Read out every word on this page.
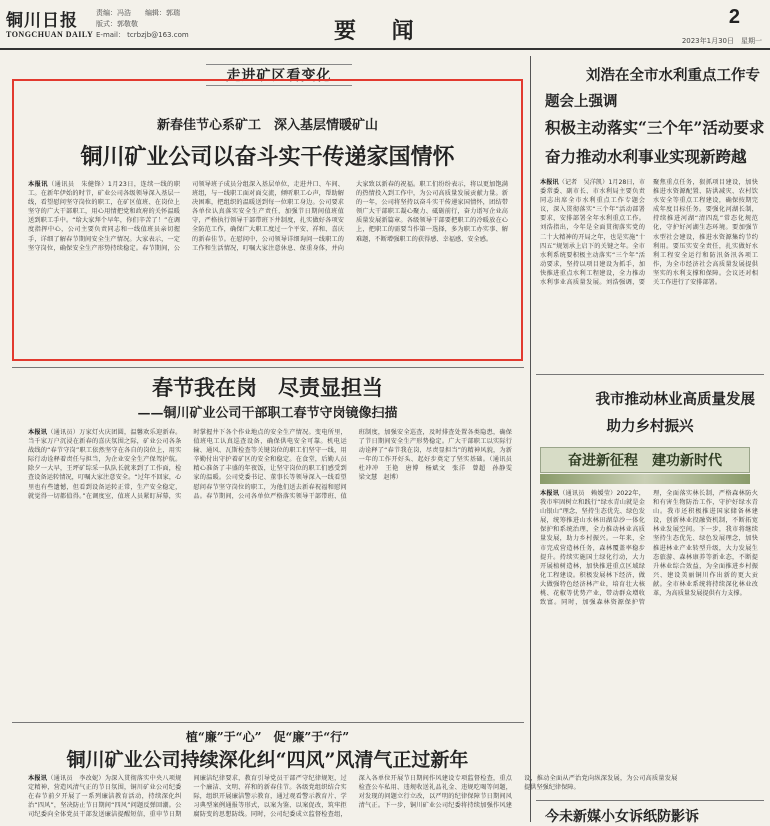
铜川日报
TONGCHUAN DAILY
责编：冯浩　　编辑：郭瑞
版式：郭敬敬
E-mail： tcrbzjb@163.com	要 闻
2
2023年1月30日　星期一
走进矿区看变化
新春佳节心系矿工　深入基层情暖矿山
铜川矿业公司以奋斗实干传递家国情怀
本报讯（通讯员　朱健锋）1月23日，连续一线的职工。在新年伊始的时节，矿业公司各级领导深入基层一线，看望慰问坚守岗位的职工，在矿区值班、在岗位上坚守的广大干部职工，用心用情把党和政府的关怀温暖送到职工手中。“给大家拜个早年，你们辛苦了！”在调度指挥中心，公司主要负责同志和一线值班员亲切握手，详细了解春节期间安全生产情况。大家表示，一定坚守岗位，确保安全生产形势持续稳定。春节期间，公司领导班子成员分组深入基层单位，走进井口、车间、班组，与一线职工面对面交流，倾听职工心声，帮助解决困难，把组织的温暖送到每一位职工身边。公司要求各单位认真落实安全生产责任，加强节日期间值班值守，严格执行领导干部带班下井制度，扎实做好各项安全防范工作，确保广大职工度过一个平安、祥和、喜庆的新春佳节。在慰问中，公司领导详细询问一线职工的工作和生活情况，叮嘱大家注意休息、保重身体，并向大家致以新春的祝福。职工们纷纷表示，将以更加饱满的热情投入到工作中，为公司高质量发展贡献力量。新的一年，公司将坚持以奋斗实干传递家国情怀，团结带领广大干部职工凝心聚力、砥砺前行，奋力谱写企业高质量发展新篇章。各级领导干部要把职工的冷暖放在心上，把职工的需要当作第一选择，多为职工办实事、解难题，不断增强职工的获得感、幸福感、安全感。
春节我在岗　尽责显担当
——铜川矿业公司干部职工春节守岗镜像扫描
本报讯（通讯员）万家灯火庆团圆，温馨欢乐迎新春。当千家万户沉浸在新春的喜庆氛围之际，矿业公司各条战线的“春节守岗”职工依然坚守在各自的岗位上，用实际行动诠释着责任与担当，为企业安全生产保驾护航。除夕一大早，王坪矿综采一队队长就来到了工作面，检查设备运转情况，叮嘱大家注意安全。“过年不回家，心里也有些遗憾，但看到设备运转正常，生产安全稳定，就觉得一切都值得。”在调度室，值班人员紧盯屏幕，实时掌握井下各个作业地点的安全生产情况。变电所里，值班电工认真巡查设备，确保供电安全可靠。机电运输、通风、瓦斯检查等关键岗位的职工们坚守一线，用辛勤付出守护着矿区的安全和稳定。在食堂，后勤人员精心准备了丰盛的年夜饭，让坚守岗位的职工们感受到家的温暖。公司党委书记、董事长等领导深入一线看望慰问春节坚守岗位的职工，为他们送去新春祝福和慰问品。春节期间，公司各单位严格落实领导干部带班、值班制度，加强安全巡查，及时排查处置各类隐患，确保了节日期间安全生产形势稳定。广大干部职工以实际行动诠释了“春节我在岗，尽责显担当”的精神风貌，为新一年的工作开好头、起好步奠定了坚实基础。（通讯员　杜冲冲　王艳　唐博　杨斌文　张洋　曾超　孙静雯　梁文慧　赵博）
植“廉”于“心”　促“廉”于“行”
铜川矿业公司持续深化纠“四风”风清气正过新年
本报讯（通讯员　李改妮）为深入贯彻落实中央八项规定精神，营造风清气正的节日氛围，铜川矿业公司纪委在春节前夕开展了一系列廉洁教育活动，持续深化纠治“四风”，坚决防止节日期间“四风”问题反弹回潮。公司纪委向全体党员干部发送廉洁提醒短信，重申节日期间廉洁纪律要求，教育引导党员干部严守纪律规矩，过一个廉洁、文明、祥和的新春佳节。各级党组织结合实际，组织开展廉洁警示教育，通过观看警示教育片、学习典型案例通报等形式，以案为鉴、以案促改，筑牢拒腐防变的思想防线。同时，公司纪委成立监督检查组，深入各单位开展节日期间作风建设专项监督检查，重点检查公车私用、违规收送礼品礼金、违规吃喝等问题，对发现的问题立行立改，以严明的纪律保障节日期间风清气正。下一步，铜川矿业公司纪委将持续加强作风建设，推动全面从严治党向纵深发展，为公司高质量发展提供坚强纪律保障。
刘浩在全市水利重点工作专
题会上强调
积极主动落实“三个年”活动要求
奋力推动水利事业实现新跨越
本报讯（记者　吴洋凯）1月28日，市委常委、副市长、市水利局主要负责同志出席全市水利重点工作专题会议，深入贯彻落实“三个年”活动部署要求，安排部署全年水利重点工作。刘浩指出，今年是全面贯彻落实党的二十大精神的开局之年，也是实施“十四五”规划承上启下的关键之年。全市水利系统要积极主动落实“三个年”活动要求，坚持以项目建设为抓手，加快推进重点水利工程建设，全力推动水利事业高质量发展。刘浩强调，要聚焦重点任务，狠抓项目建设，加快推进水资源配置、防洪减灾、农村饮水安全等重点工程建设，确保按期完成年度目标任务。要强化河湖长制，持续推进河湖“清四乱”常态化规范化，守护好河湖生态环境。要加强节水型社会建设，推进水资源集约节约利用。要压实安全责任，扎实做好水利工程安全运行和防汛备汛各项工作，为全市经济社会高质量发展提供坚实的水利支撑和保障。会议还对相关工作进行了安排部署。
我市推动林业高质量发展
助力乡村振兴
奋进新征程　建功新时代
本报讯（通讯员　赖媛莹）2022年，我市牢固树立和践行“绿水青山就是金山银山”理念，坚持生态优先、绿色发展，统筹推进山水林田湖草沙一体化保护和系统治理，全力推动林业高质量发展，助力乡村振兴。一年来，全市完成营造林任务，森林覆盖率稳步提升。持续实施国土绿化行动，大力开展植树造林，加快推进重点区域绿化工程建设。积极发展林下经济，做大做强特色经济林产业，培育壮大核桃、花椒等优势产业，带动群众增收致富。同时，加强森林资源保护管理，全面落实林长制，严格森林防火和有害生物防治工作，守护好绿水青山。我市还积极推进国家储备林建设，创新林业投融资机制，不断拓宽林业发展空间。下一步，我市将继续坚持生态优先、绿色发展理念，加快推进林业产业转型升级，大力发展生态旅游、森林康养等新业态，不断提升林业综合效益，为全面推进乡村振兴、建设美丽铜川作出新的更大贡献。全市林业系统将持续深化林业改革，为高质量发展提供有力支撑。
今未新媒小女诉纸防影诉
